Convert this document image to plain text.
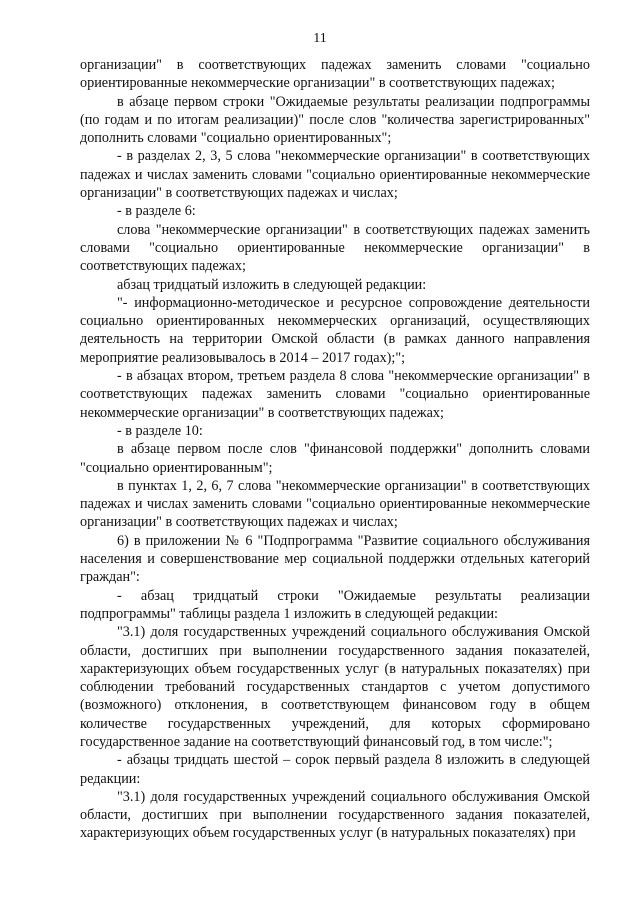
11

организации" в соответствующих падежах заменить словами "социально ориентированные некоммерческие организации" в соответствующих падежах;

в абзаце первом строки "Ожидаемые результаты реализации подпрограммы (по годам и по итогам реализации)" после слов "количества зарегистрированных" дополнить словами "социально ориентированных";

- в разделах 2, 3, 5 слова "некоммерческие организации" в соответствующих падежах и числах заменить словами "социально ориентированные некоммерческие организации" в соответствующих падежах и числах;

- в разделе 6:

слова "некоммерческие организации" в соответствующих падежах заменить словами "социально ориентированные некоммерческие организации" в соответствующих падежах;

абзац тридцатый изложить в следующей редакции:

"- информационно-методическое и ресурсное сопровождение деятельности социально ориентированных некоммерческих организаций, осуществляющих деятельность на территории Омской области (в рамках данного направления мероприятие реализовывалось в 2014 – 2017 годах);";

- в абзацах втором, третьем раздела 8 слова "некоммерческие организации" в соответствующих падежах заменить словами "социально ориентированные некоммерческие организации" в соответствующих падежах;

- в разделе 10:

в абзаце первом после слов "финансовой поддержки" дополнить словами "социально ориентированным";

в пунктах 1, 2, 6, 7 слова "некоммерческие организации" в соответствующих падежах и числах заменить словами "социально ориентированные некоммерческие организации" в соответствующих падежах и числах;

6) в приложении № 6 "Подпрограмма "Развитие социального обслуживания населения и совершенствование мер социальной поддержки отдельных категорий граждан":

- абзац тридцатый строки "Ожидаемые результаты реализации подпрограммы" таблицы раздела 1 изложить в следующей редакции:

"3.1) доля государственных учреждений социального обслуживания Омской области, достигших при выполнении государственного задания показателей, характеризующих объем государственных услуг (в натуральных показателях) при соблюдении требований государственных стандартов с учетом допустимого (возможного) отклонения, в соответствующем финансовом году в общем количестве государственных учреждений, для которых сформировано государственное задание на соответствующий финансовый год, в том числе:";

- абзацы тридцать шестой – сорок первый раздела 8 изложить в следующей редакции:

"3.1) доля государственных учреждений социального обслуживания Омской области, достигших при выполнении государственного задания показателей, характеризующих объем государственных услуг (в натуральных показателях) при
